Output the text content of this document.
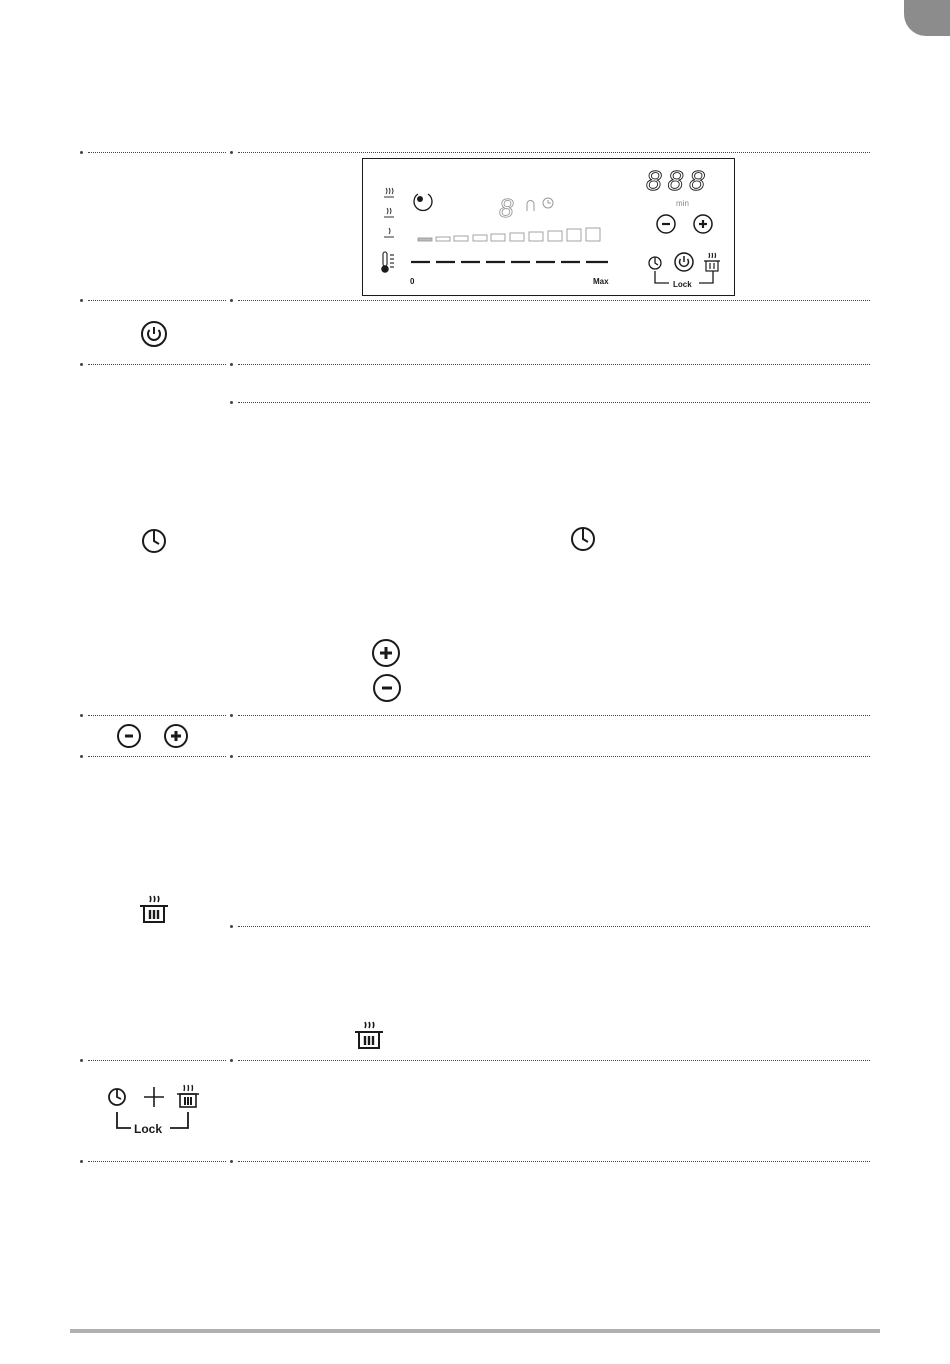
8
0	Max
888
min
Lock
Lock
